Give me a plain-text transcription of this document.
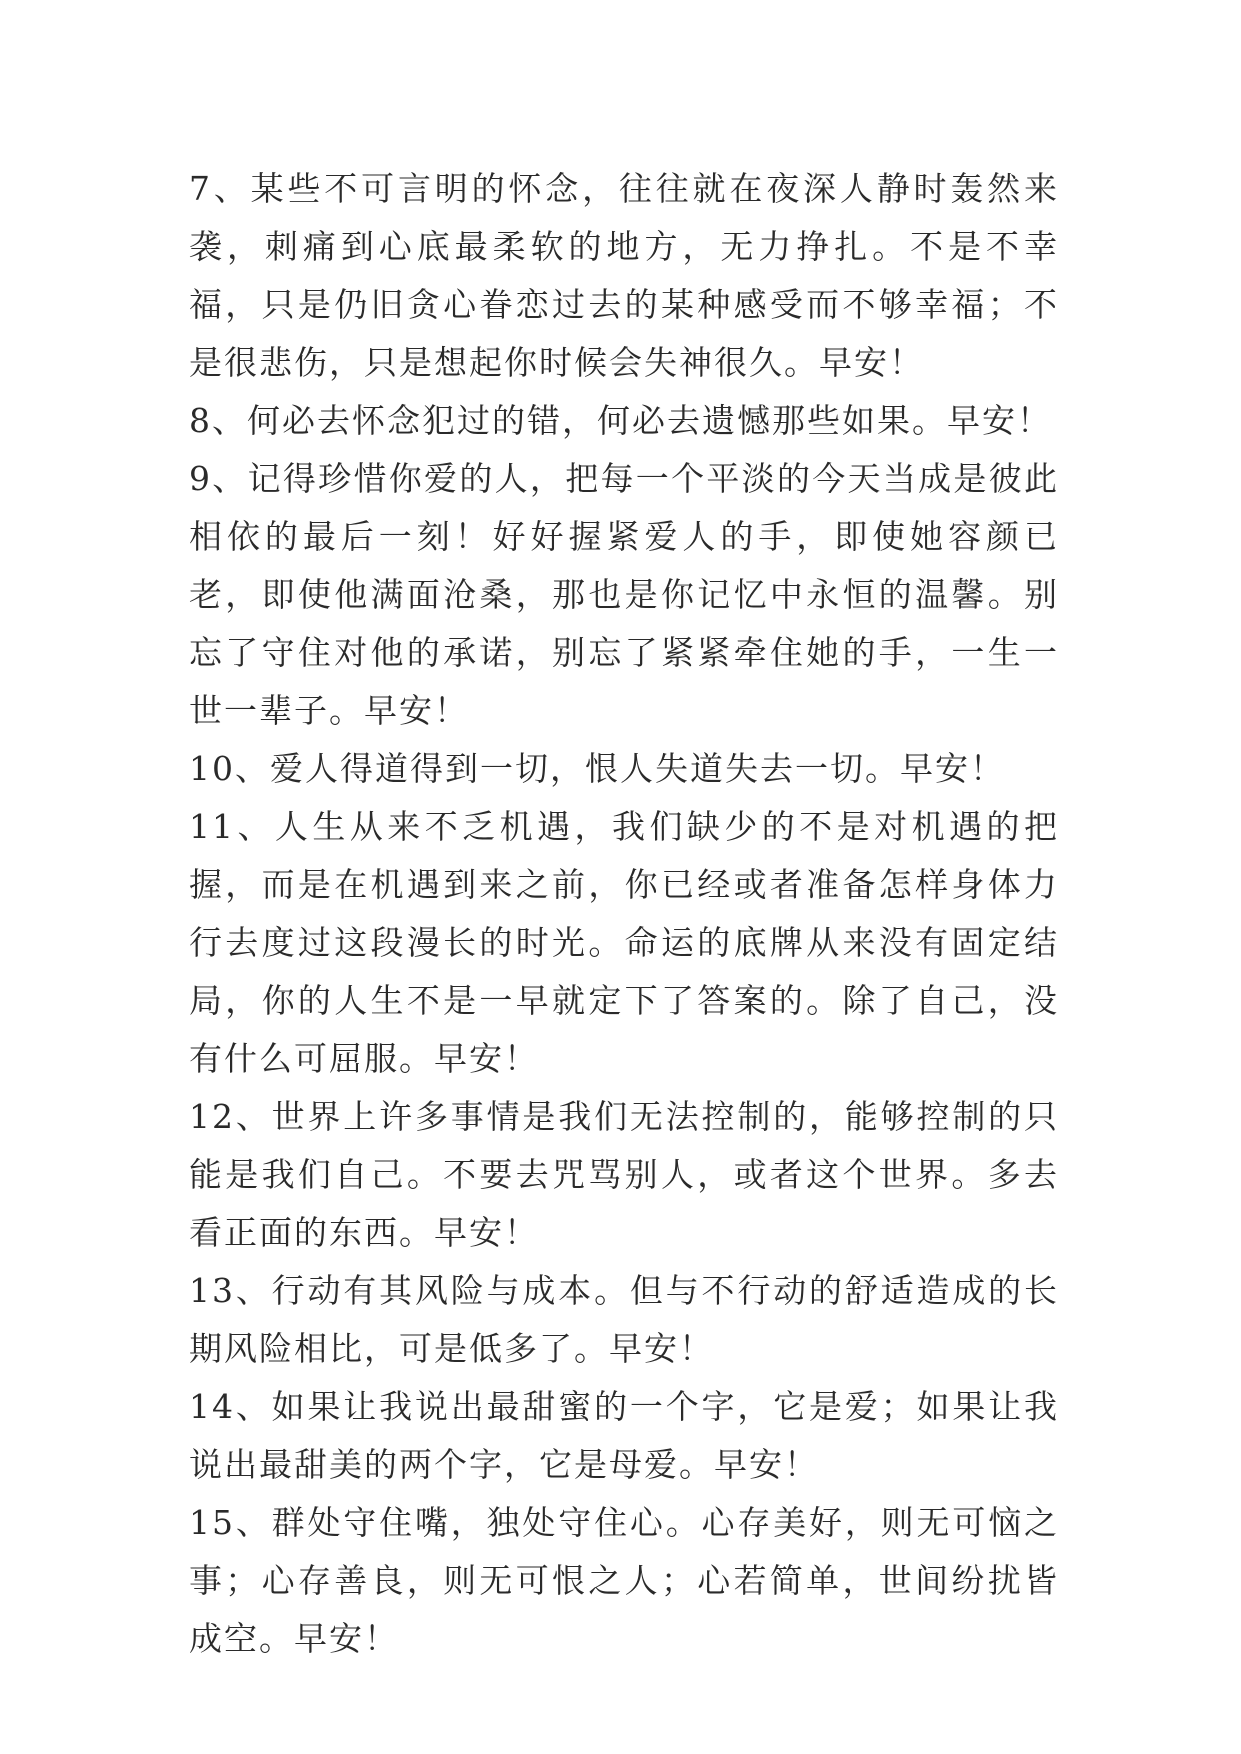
7、某些不可言明的怀念，往往就在夜深人静时轰然来袭，刺痛到心底最柔软的地方，无力挣扎。不是不幸福，只是仍旧贪心眷恋过去的某种感受而不够幸福；不是很悲伤，只是想起你时候会失神很久。早安！

8、何必去怀念犯过的错，何必去遗憾那些如果。早安！

9、记得珍惜你爱的人，把每一个平淡的今天当成是彼此相依的最后一刻！好好握紧爱人的手，即使她容颜已老，即使他满面沧桑，那也是你记忆中永恒的温馨。别忘了守住对他的承诺，别忘了紧紧牵住她的手，一生一世一辈子。早安！

10、爱人得道得到一切，恨人失道失去一切。早安！

11、人生从来不乏机遇，我们缺少的不是对机遇的把握，而是在机遇到来之前，你已经或者准备怎样身体力行去度过这段漫长的时光。命运的底牌从来没有固定结局，你的人生不是一早就定下了答案的。除了自己，没有什么可屈服。早安！

12、世界上许多事情是我们无法控制的，能够控制的只能是我们自己。不要去咒骂别人，或者这个世界。多去看正面的东西。早安！

13、行动有其风险与成本。但与不行动的舒适造成的长期风险相比，可是低多了。早安！

14、如果让我说出最甜蜜的一个字，它是爱；如果让我说出最甜美的两个字，它是母爱。早安！

15、群处守住嘴，独处守住心。心存美好，则无可恼之事；心存善良，则无可恨之人；心若简单，世间纷扰皆成空。早安！
